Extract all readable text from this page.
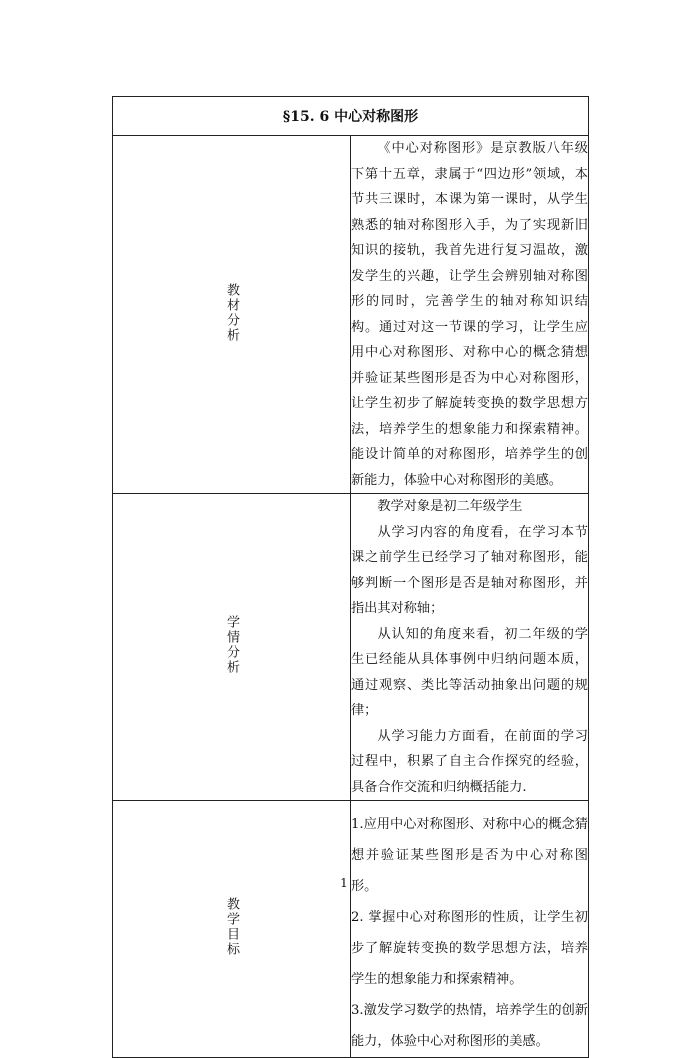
§15. 6 中心对称图形	
教材分析	《中心对称图形》是京教版八年级下第十五章，隶属于“四边形”领域，本节共三课时，本课为第一课时，从学生熟悉的轴对称图形入手，为了实现新旧知识的接轨，我首先进行复习温故，激发学生的兴趣，让学生会辨别轴对称图形的同时，完善学生的轴对称知识结构。通过对这一节课的学习，让学生应用中心对称图形、对称中心的概念猜想并验证某些图形是否为中心对称图形，让学生初步了解旋转变换的数学思想方法，培养学生的想象能力和探索精神。能设计简单的对称图形，培养学生的创新能力，体验中心对称图形的美感。

学情分析	教学对象是初二年级学生

从学习内容的角度看，在学习本节课之前学生已经学习了轴对称图形，能够判断一个图形是否是轴对称图形，并指出其对称轴；

从认知的角度来看，初二年级的学生已经能从具体事例中归纳问题本质，通过观察、类比等活动抽象出问题的规律；

从学习能力方面看，在前面的学习过程中，积累了自主合作探究的经验，具备合作交流和归纳概括能力.

教学目标	1.应用中心对称图形、对称中心的概念猜想并验证某些图形是否为中心对称图形。

2. 掌握中心对称图形的性质，让学生初步了解旋转变换的数学思想方法，培养学生的想象能力和探索精神。

3.激发学习数学的热情，培养学生的创新能力，体验中心对称图形的美感。

1
